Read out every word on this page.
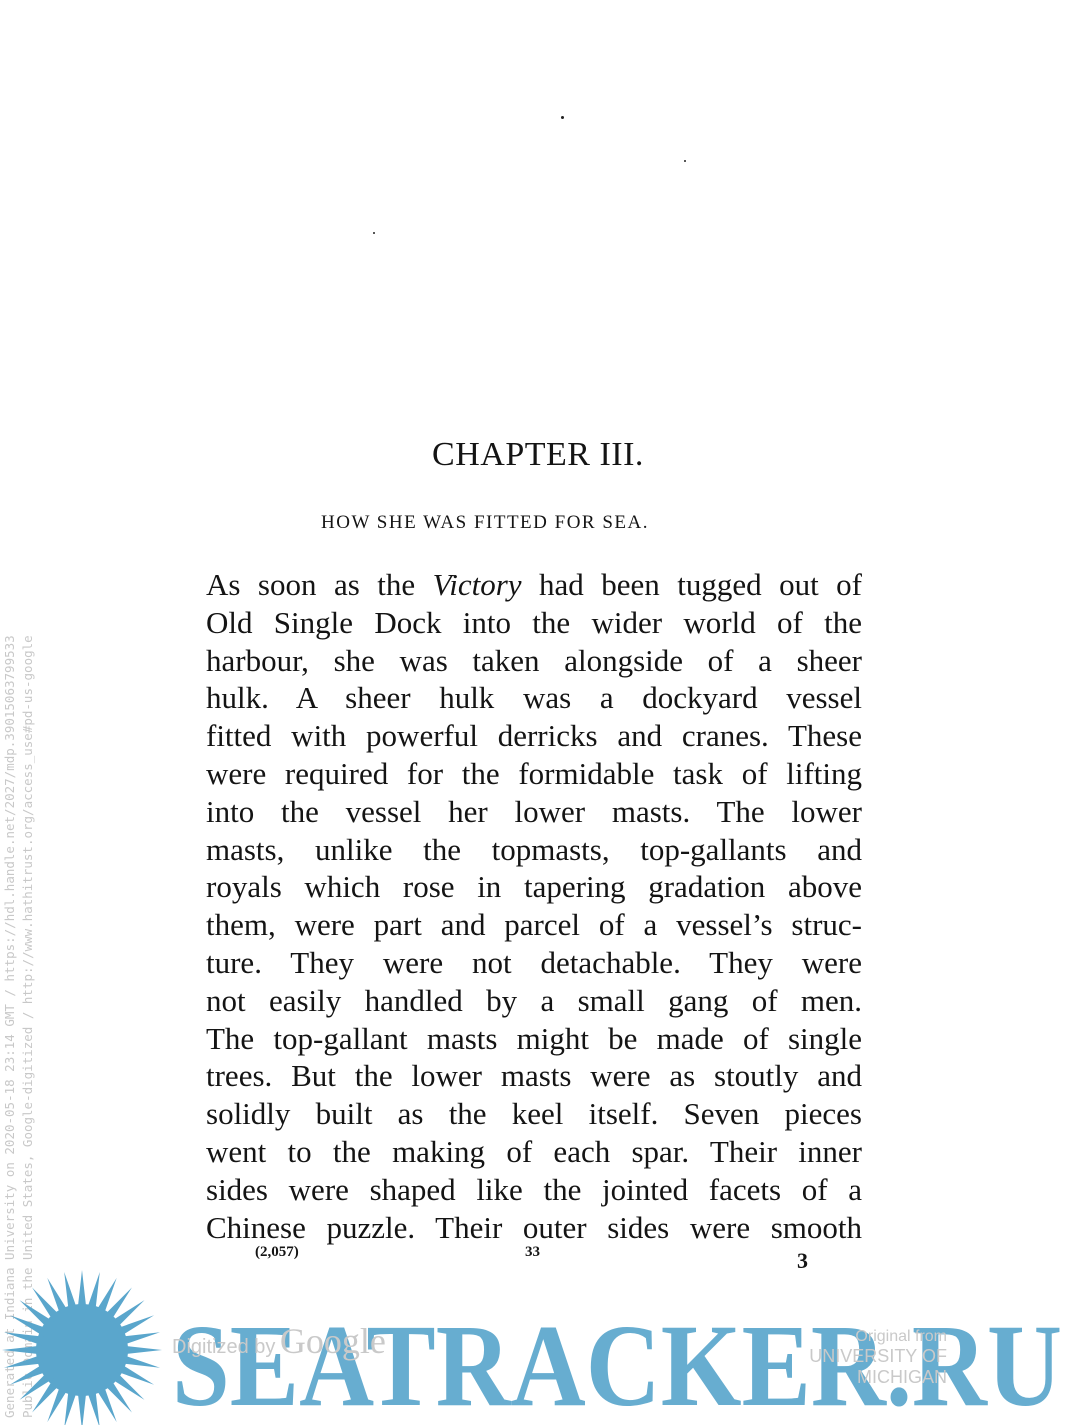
Generated at Indiana University on 2020-05-18 23:14 GMT / https://hdl.handle.net/2027/mdp.39015063799533 Public Domain in the United States, Google-digitized / http://www.hathitrust.org/access_use#pd-us-google
CHAPTER III.
HOW SHE WAS FITTED FOR SEA.
As soon as the Victory had been tugged out of
Old Single Dock into the wider world of the
harbour, she was taken alongside of a sheer
hulk. A sheer hulk was a dockyard vessel
fitted with powerful derricks and cranes. These
were required for the formidable task of lifting
into the vessel her lower masts. The lower
masts, unlike the topmasts, top-gallants and
royals which rose in tapering gradation above
them, were part and parcel of a vessel’s struc-
ture. They were not detachable. They were
not easily handled by a small gang of men.
The top-gallant masts might be made of single
trees. But the lower masts were as stoutly and
solidly built as the keel itself. Seven pieces
went to the making of each spar. Their inner
sides were shaped like the jointed facets of a
Chinese puzzle. Their outer sides were smooth
(2,057)	33	3
SEATRACKER.RU
Digitized by Google	Original from
UNIVERSITY OF MICHIGAN
